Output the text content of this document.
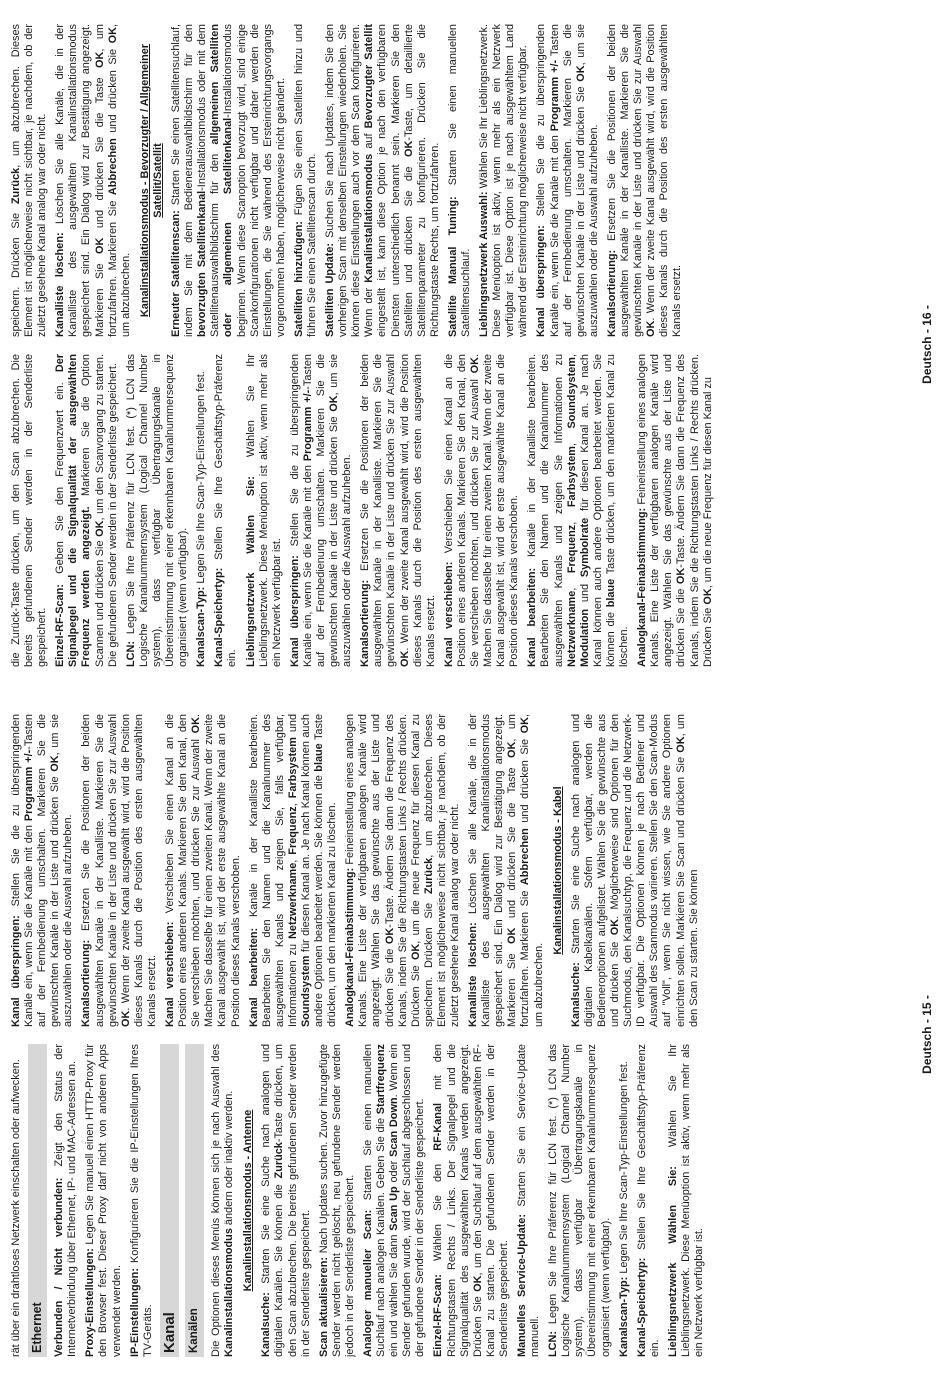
rät über ein drahtloses Netzwerk einschalten oder aufwecken. Ethernet Verbunden / Nicht verbunden: Zeigt den Status der Internetverbindung über Ethernet, IP- und MAC-Adressen an. Proxy-Einstellungen: Legen Sie manuell einen HTTP-Proxy für den Browser fest. Dieser Proxy darf nicht von anderen Apps verwendet werden. IP-Einstellungen: Konfigurieren Sie die IP-Einstellungen Ihres TV-Geräts. Kanal Kanälen Die Optionen dieses Menüs können sich je nach Auswahl des Kanalinstallationsmodus ändern oder inaktiv werden. Kanalinstallationsmodus - Antenne

Kanalsuche: Starten Sie eine Suche nach analogen und digitalen Kanälen. Sie können die Zurück-Taste drücken, um den Scan abzubrechen. Die bereits gefundenen Sender werden in der Senderliste gespeichert. Scan aktualisieren: Nach Updates suchen. Zuvor hinzugefügte Sender werden nicht gelöscht, neu gefundene Sender werden jedoch in der Senderliste gespeichert. Analoger manueller Scan: Starten Sie einen manuellen Suchlauf nach analogen Kanälen. Geben Sie die Startfrequenz ein und wählen Sie dann Scan Up oder Scan Down. Wenn ein Sender gefunden wurde, wird der Suchlauf abgeschlossen und der gefundene Sender in der Senderliste gespeichert. Einzel-RF-Scan: Wählen Sie den RF-Kanal mit den Richtungstasten Rechts / Links. Der Signalpegel und die Signalqualität des ausgewählten Kanals werden angezeigt. Drücken Sie OK, um den Suchlauf auf dem ausgewählten RF-Kanal zu starten. Die gefundenen Sender werden in der Senderliste gespeichert. Manuelles Service-Update: Starten Sie ein Service-Update manuell. LCN: Legen Sie Ihre Präferenz für LCN fest. (*) LCN das Logische Kanalnummernsystem (Logical Channel Number system), dass verfügbar Übertragungskanäle in Übereinstimmung mit einer erkennbaren Kanalnummersequenz organisiert (wenn verfügbar). Kanalscan-Typ: Legen Sie Ihre Scan-Typ-Einstellungen fest.

Kanal-Speichertyp: Stellen Sie Ihre Geschäftstyp-Präferenz ein. Lieblingsnetzwerk Wählen Sie: Wählen Sie Ihr Lieblingsnetzwerk. Diese Menüoption ist aktiv, wenn mehr als ein Netzwerk verfügbar ist.

Kanal überspringen: Stellen Sie die zu überspringenden Kanäle ein, wenn Sie die Kanäle mit den Programm +/--Tasten auf der Fernbedienung umschalten. Markieren Sie die gewünschten Kanäle in der Liste und drücken Sie OK, um sie auszuwählen oder die Auswahl aufzuheben. Kanalsortierung: Ersetzen Sie die Positionen der beiden ausgewählten Kanäle in der Kanalliste. Markieren Sie die gewünschten Kanäle in der Liste und drücken Sie zur Auswahl OK. Wenn der zweite Kanal ausgewählt wird, wird die Position dieses Kanals durch die Position des ersten ausgewählten Kanals ersetzt. Kanal verschieben: Verschieben Sie einen Kanal an die Position eines anderen Kanals. Markieren Sie den Kanal, den Sie verschieben möchten, und drücken Sie zur Auswahl OK. Machen Sie dasselbe für einen zweiten Kanal. Wenn der zweite Kanal ausgewählt ist, wird der erste ausgewählte Kanal an die Position dieses Kanals verschoben. Kanal bearbeiten: Kanäle in der Kanalliste bearbeiten. Bearbeiten Sie den Namen und die Kanalnummer des ausgewählten Kanals und zeigen Sie, falls verfügbar, Informationen zu Netzwerkname, Frequenz, Farbsystem und Soundsystem für diesen Kanal an. Je nach Kanal können auch andere Optionen bearbeitet werden. Sie können die blaue Taste drücken, um den markierten Kanal zu löschen. Analogkanal-Feinabstimmung: Feineinstellung eines analogen Kanals. Eine Liste der verfügbaren analogen Kanäle wird angezeigt. Wählen Sie das gewünschte aus der Liste und drücken Sie die OK-Taste. Ändern Sie dann die Frequenz des Kanals, indem Sie die Richtungstasten Links / Rechts drücken. Drücken Sie OK, um die neue Frequenz für diesen Kanal zu speichern. Drücken Sie Zurück, um abzubrechen. Dieses Element ist möglicherweise nicht sichtbar, je nachdem, ob der zuletzt gesehene Kanal analog war oder nicht. Kanalliste löschen: Löschen Sie alle Kanäle, die in der Kanalliste des ausgewählten Kanalinstallationsmodus gespeichert sind. Ein Dialog wird zur Bestätigung angezeigt. Markieren Sie OK und drücken Sie die Taste OK, um fortzufahren. Markieren Sie Abbrechen und drücken Sie OK, um abzubrechen.

Kanalinstallationsmodus - Kabel

Kanalsuche: Starten Sie eine Suche nach analogen und digitalen Kabelkanälen. Sofern verfügbar, werden die Bedieneroptionen aufgelistet. Wählen Sie die gewünschte aus und drücken Sie OK. Möglicherweise sind Optionen für den Suchmodus, den Kanalsuchtyp, die Frequenz und die Netzwerk-ID verfügbar. Die Optionen können je nach Bediener und Auswahl des Scanmodus variieren. Stellen Sie den Scan-Modus auf "Voll", wenn Sie nicht wissen, wie Sie andere Optionen einrichten sollen. Markieren Sie Scan und drücken Sie OK, um den Scan zu starten. Sie können

Deutsch - 15 -

die Zurück-Taste drücken, um den Scan abzubrechen. Die bereits gefundenen Sender werden in der Senderliste gespeichert. Einzel-RF-Scan: Geben Sie den Frequenzwert ein. Der Signalpegel und die Signalqualität der ausgewählten Frequenz werden angezeigt. Markieren Sie die Option Scannen und drücken Sie OK, um den Scanvorgang zu starten. Die gefundenen Sender werden in der Senderliste gespeichert. LCN: Legen Sie Ihre Präferenz für LCN fest. (*) LCN das Logische Kanalnummernsystem (Logical Channel Number system), dass verfügbar Übertragungskanäle in Übereinstimmung mit einer erkennbaren Kanalnummersequenz organisiert (wenn verfügbar). Kanalscan-Typ: Legen Sie Ihre Scan-Typ-Einstellungen fest.

Kanal-Speichertyp: Stellen Sie Ihre Geschäftstyp-Präferenz ein. Lieblingsnetzwerk Wählen Sie: Wählen Sie Ihr Lieblingsnetzwerk. Diese Menüoption ist aktiv, wenn mehr als ein Netzwerk verfügbar ist. Kanal überspringen: Stellen Sie die zu überspringenden Kanäle ein, wenn Sie die Kanäle mit den Programm +/--Tasten auf der Fernbedienung umschalten. Markieren Sie die gewünschten Kanäle in der Liste und drücken Sie OK, um sie auszuwählen oder die Auswahl aufzuheben. Kanalsortierung: Ersetzen Sie die Positionen der beiden ausgewählten Kanäle in der Kanalliste. Markieren Sie die gewünschten Kanäle in der Liste und drücken Sie zur Auswahl OK. Wenn der zweite Kanal ausgewählt wird, wird die Position dieses Kanals durch die Position des ersten ausgewählten Kanals ersetzt. Kanal verschieben: Verschieben Sie einen Kanal an die Position eines anderen Kanals. Markieren Sie den Kanal, den Sie verschieben möchten, und drücken Sie zur Auswahl OK. Machen Sie dasselbe für einen zweiten Kanal. Wenn der zweite Kanal ausgewählt ist, wird der erste ausgewählte Kanal an die Position dieses Kanals verschoben. Kanal bearbeiten: Kanäle in der Kanalliste bearbeiten. Bearbeiten Sie den Namen und die Kanalnummer des ausgewählten Kanals und zeigen Sie Informationen zu Netzwerkname, Frequenz, Farbsystem, Soundsystem, Modulation und Symbolrate für diesen Kanal an. Je nach Kanal können auch andere Optionen bearbeitet werden. Sie können die blaue Taste drücken, um den markierten Kanal zu löschen. Analogkanal-Feinabstimmung: Feineinstellung eines analogen Kanals. Eine Liste der verfügbaren analogen Kanäle wird angezeigt. Wählen Sie das gewünschte aus der Liste und drücken Sie die OK-Taste. Ändern Sie dann die Frequenz des Kanals, indem Sie die Richtungstasten Links / Rechts drücken. Drücken Sie OK, um die neue Frequenz für diesen Kanal zu

speichern. Drücken Sie Zurück, um abzubrechen. Dieses Element ist möglicherweise nicht sichtbar, je nachdem, ob der zuletzt gesehene Kanal analog war oder nicht. Kanalliste löschen: Löschen Sie alle Kanäle, die in der Kanalliste des ausgewählten Kanalinstallationsmodus gespeichert sind. Ein Dialog wird zur Bestätigung angezeigt. Markieren Sie OK und drücken Sie die Taste OK, um fortzufahren. Markieren Sie Abbrechen und drücken Sie OK, um abzubrechen. Kanalinstallationsmodus - Bevorzugter / Allgemeiner Satellit/Satellit

Erneuter Satellitenscan: Starten Sie einen Satellitensuchlauf, indem Sie mit dem Bedienerauswahlbildschirm für den bevorzugten Satellitenkanal-Installationsmodus oder mit dem Satellitenauswahlbildschirm für den allgemeinen Satelliten oder allgemeinen Satellitenkanal-Installationsmodus beginnen. Wenn diese Scanoption bevorzugt wird, sind einige Scankonfigurationen nicht verfügbar und daher werden die Einstellungen, die Sie während des Ersteinrichtungsvorgangs vorgenommen haben, möglicherweise nicht geändert. Satelliten hinzufügen: Fügen Sie einen Satelliten hinzu und führen Sie einen Satellitenscan durch. Satelliten Update: Suchen Sie nach Updates, indem Sie den vorherigen Scan mit denselben Einstellungen wiederholen. Sie können diese Einstellungen auch vor dem Scan konfigurieren. Wenn der Kanalinstallationsmodus auf Bevorzugter Satellit eingestellt ist, kann diese Option je nach den verfügbaren Diensten unterschiedlich benannt sein. Markieren Sie den Satelliten und drücken Sie die OK-Taste, um detaillierte Satellitenparameter zu konfigurieren. Drücken Sie die Richtungstaste Rechts, um fortzufahren. Satellite Manual Tuning: Starten Sie einen manuellen Satellitensuchlauf. Lieblingsnetzwerk Auswahl: Wählen Sie Ihr Lieblingsnetzwerk. Diese Menüoption ist aktiv, wenn mehr als ein Netzwerk verfügbar ist. Diese Option ist je nach ausgewähltem Land während der Ersteinrichtung möglicherweise nicht verfügbar. Kanal überspringen: Stellen Sie die zu überspringenden Kanäle ein, wenn Sie die Kanäle mit den Programm +/- Tasten auf der Fernbedienung umschalten. Markieren Sie die gewünschten Kanäle in der Liste und drücken Sie OK, um sie auszuwählen oder die Auswahl aufzuheben. Kanalsortierung: Ersetzen Sie die Positionen der beiden ausgewählten Kanäle in der Kanalliste. Markieren Sie die gewünschten Kanäle in der Liste und drücken Sie zur Auswahl OK. Wenn der zweite Kanal ausgewählt wird, wird die Position dieses Kanals durch die Position des ersten ausgewählten Kanals ersetzt.

Deutsch - 16 -
